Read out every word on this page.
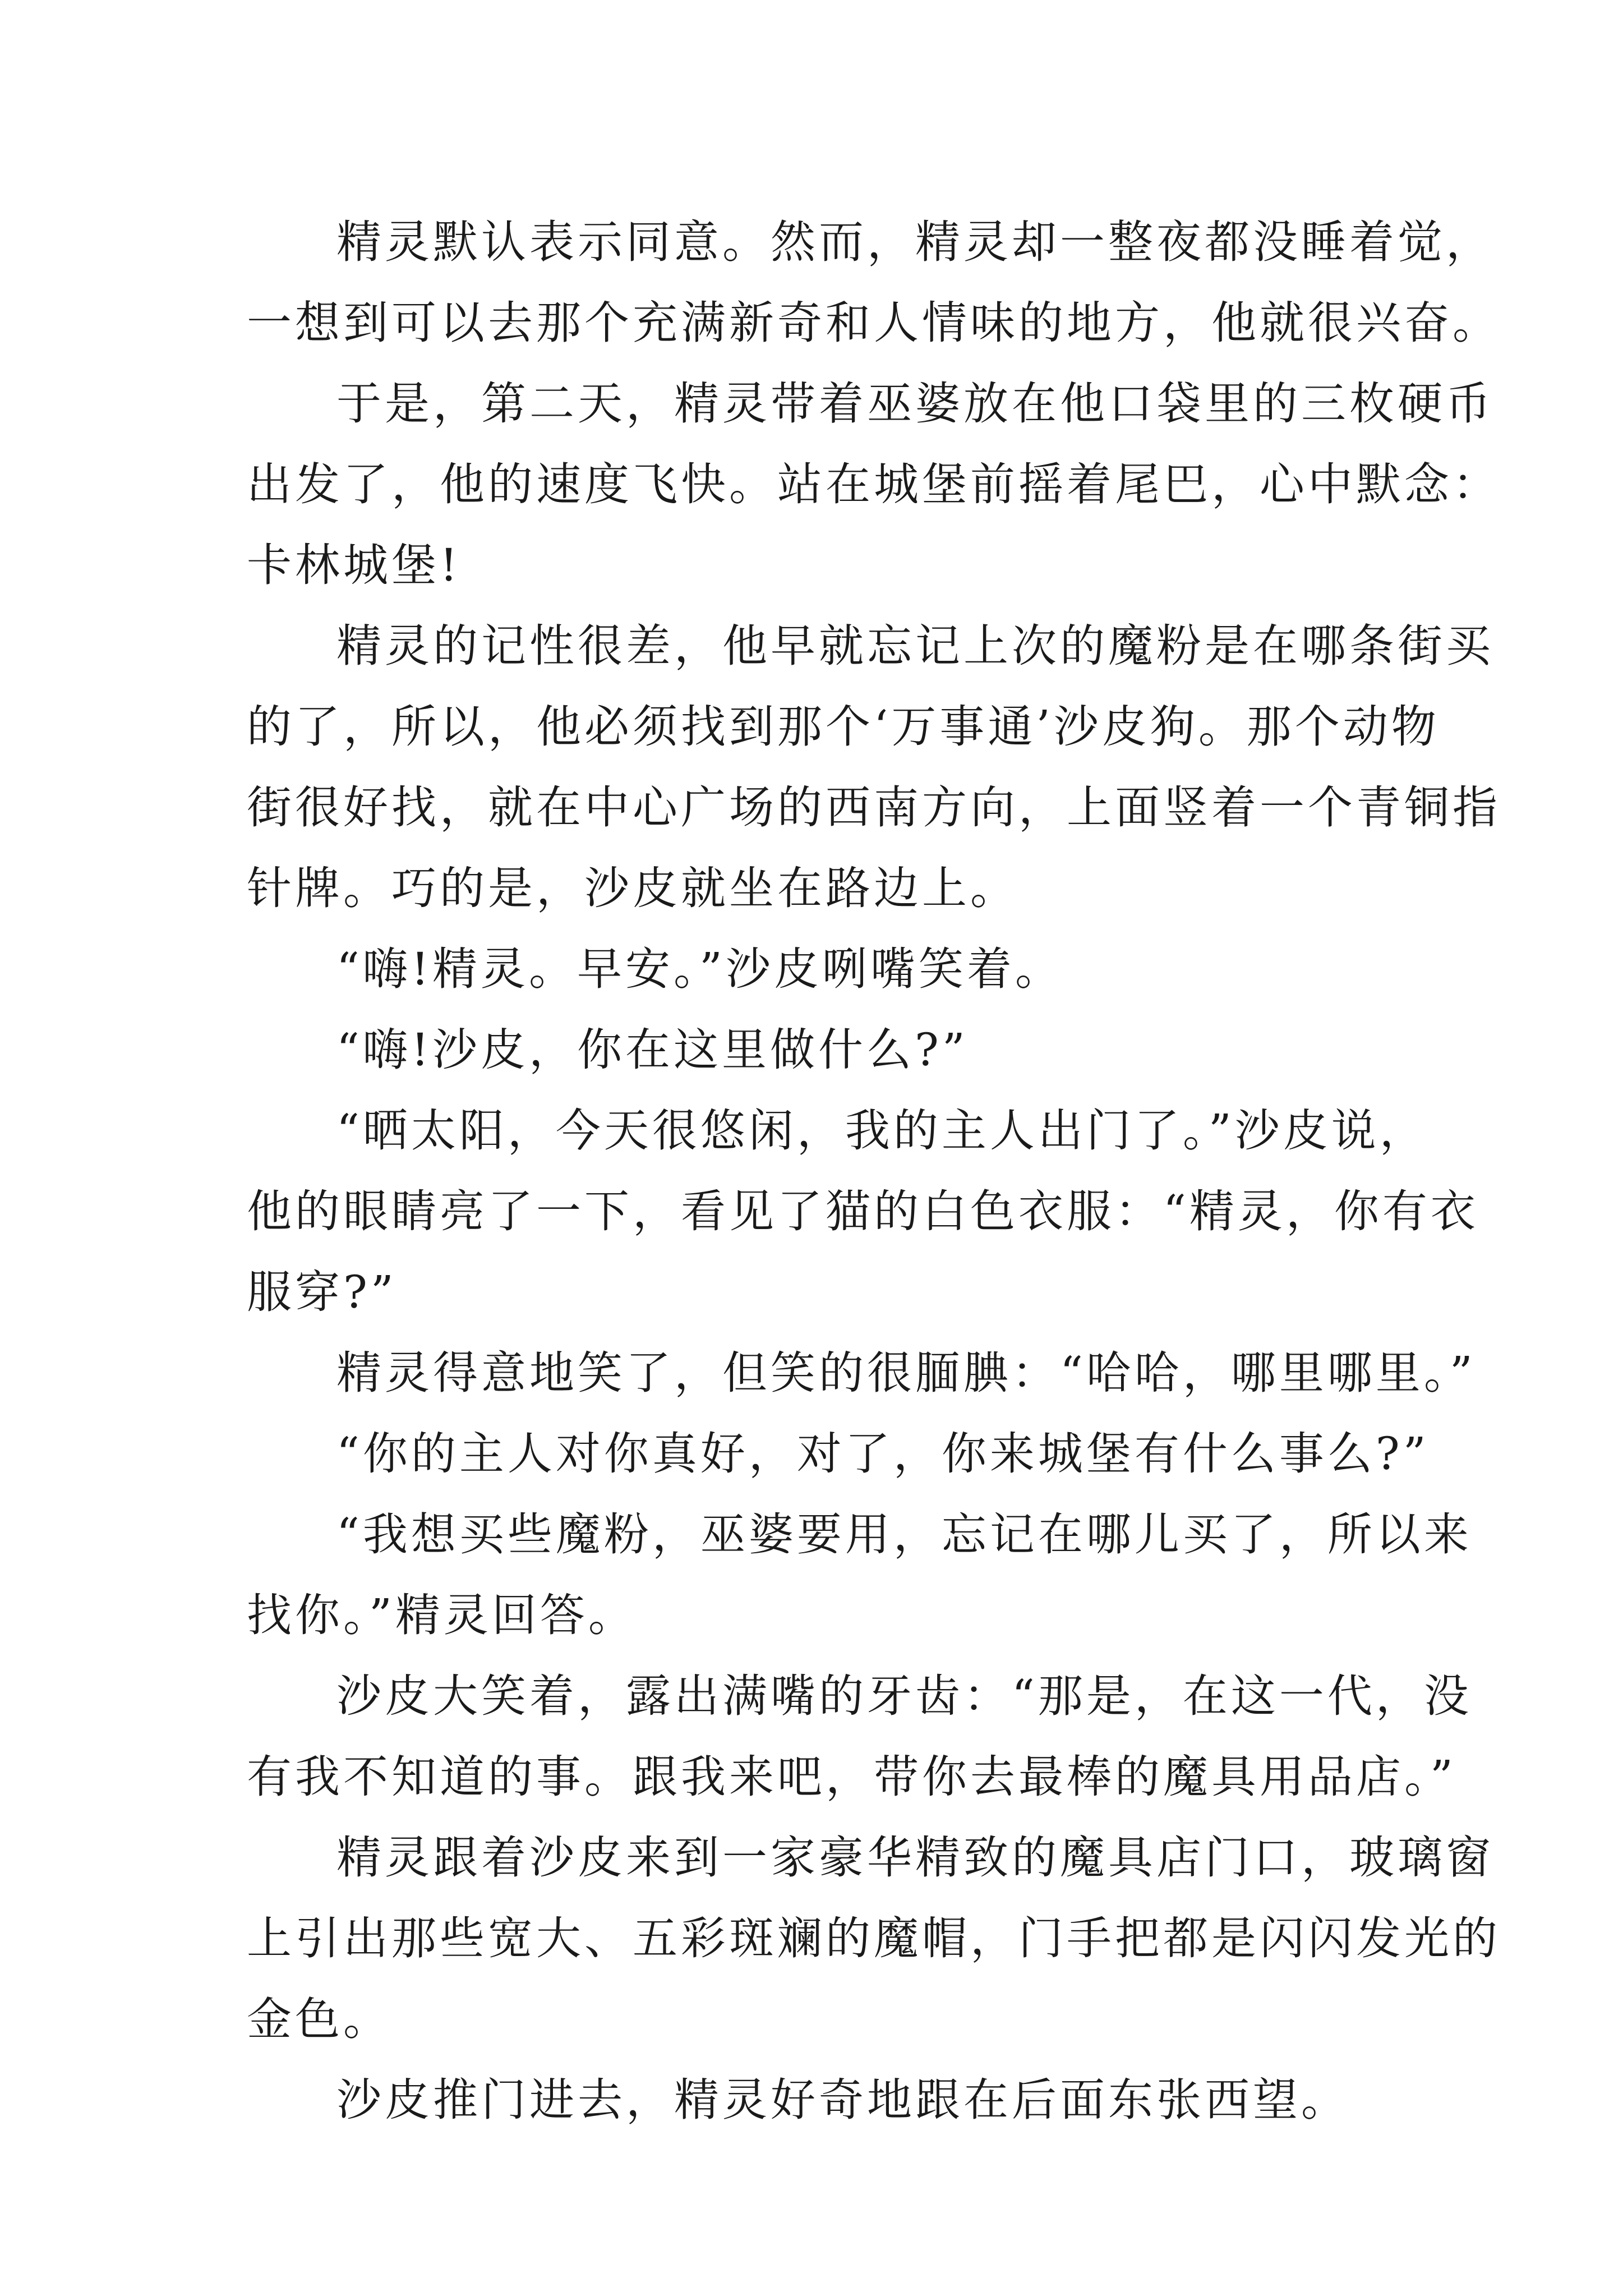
精灵默认表示同意。然而，精灵却一整夜都没睡着觉，
一想到可以去那个充满新奇和人情味的地方，他就很兴奋。
于是，第二天，精灵带着巫婆放在他口袋里的三枚硬币
出发了，他的速度飞快。站在城堡前摇着尾巴，心中默念：
卡林城堡!
精灵的记性很差，他早就忘记上次的魔粉是在哪条街买
的了，所以，他必须找到那个‘万事通’沙皮狗。那个动物
街很好找，就在中心广场的西南方向，上面竖着一个青铜指
针牌。巧的是，沙皮就坐在路边上。
“嗨!精灵。早安。”沙皮咧嘴笑着。
“嗨!沙皮，你在这里做什么?”
“晒太阳，今天很悠闲，我的主人出门了。”沙皮说，
他的眼睛亮了一下，看见了猫的白色衣服：“精灵，你有衣
服穿?”
精灵得意地笑了，但笑的很腼腆：“哈哈，哪里哪里。”
“你的主人对你真好，对了，你来城堡有什么事么?”
“我想买些魔粉，巫婆要用，忘记在哪儿买了，所以来
找你。”精灵回答。
沙皮大笑着，露出满嘴的牙齿：“那是，在这一代，没
有我不知道的事。跟我来吧，带你去最棒的魔具用品店。”
精灵跟着沙皮来到一家豪华精致的魔具店门口，玻璃窗
上引出那些宽大、五彩斑斓的魔帽，门手把都是闪闪发光的
金色。
沙皮推门进去，精灵好奇地跟在后面东张西望。
